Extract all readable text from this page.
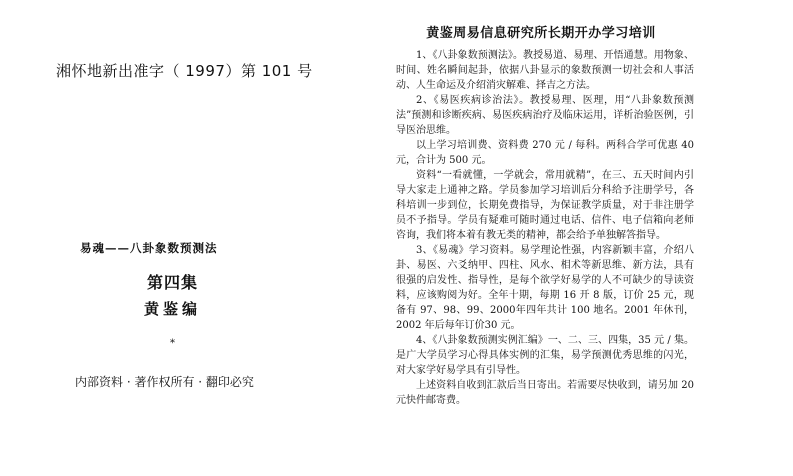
湘怀地新出准字（ 1997）第 101 号
易魂——八卦象数预测法
第四集
黄鉴编
*
内部资料 · 著作权所有 · 翻印必究
黄鉴周易信息研究所长期开办学习培训

1、《八卦象数预测法》。教授易道、易理、开悟通慧。用物象、时间、姓名瞬间起卦，依据八卦显示的象数预测一切社会和人事活动、人生命运及介绍消灾解难、择吉之方法。

2、《易医疾病诊治法》。教授易理、医理，用“八卦象数预测法”预测和诊断疾病、易医疾病治疗及临床运用，详析治验医例，引导医治思维。

以上学习培训费、资料费 270 元 / 每科。两科合学可优惠 40 元，合计为 500 元。

资料“一看就懂，一学就会，常用就精”，在三、五天时间内引导大家走上通神之路。学员参加学习培训后分科给予注册学号，各科培训一步到位，长期免费指导，为保证教学质量，对于非注册学员不予指导。学员有疑难可随时通过电话、信件、电子信箱向老师咨询，我们将本着有教无类的精神，都会给予单独解答指导。

3、《易魂》学习资料。易学理论性强，内容新颖丰富，介绍八卦、易医、六爻纳甲、四柱、风水、相术等新思维、新方法，具有很强的启发性、指导性，是每个欲学好易学的人不可缺少的导读资料，应该购阅为好。全年十期，每期 16 开 8 版，订价 25 元，现备有 97、98、99、2000年四年共计 100 地名。2001 年休刊， 2002 年后每年订价30 元。

4、《八卦象数预测实例汇编》一、二、三、四集，35 元 / 集。是广大学员学习心得具体实例的汇集，易学预测优秀思维的闪光，对大家学好易学具有引导性。

上述资料自收到汇款后当日寄出。若需要尽快收到，请另加 20 元快件邮寄费。
